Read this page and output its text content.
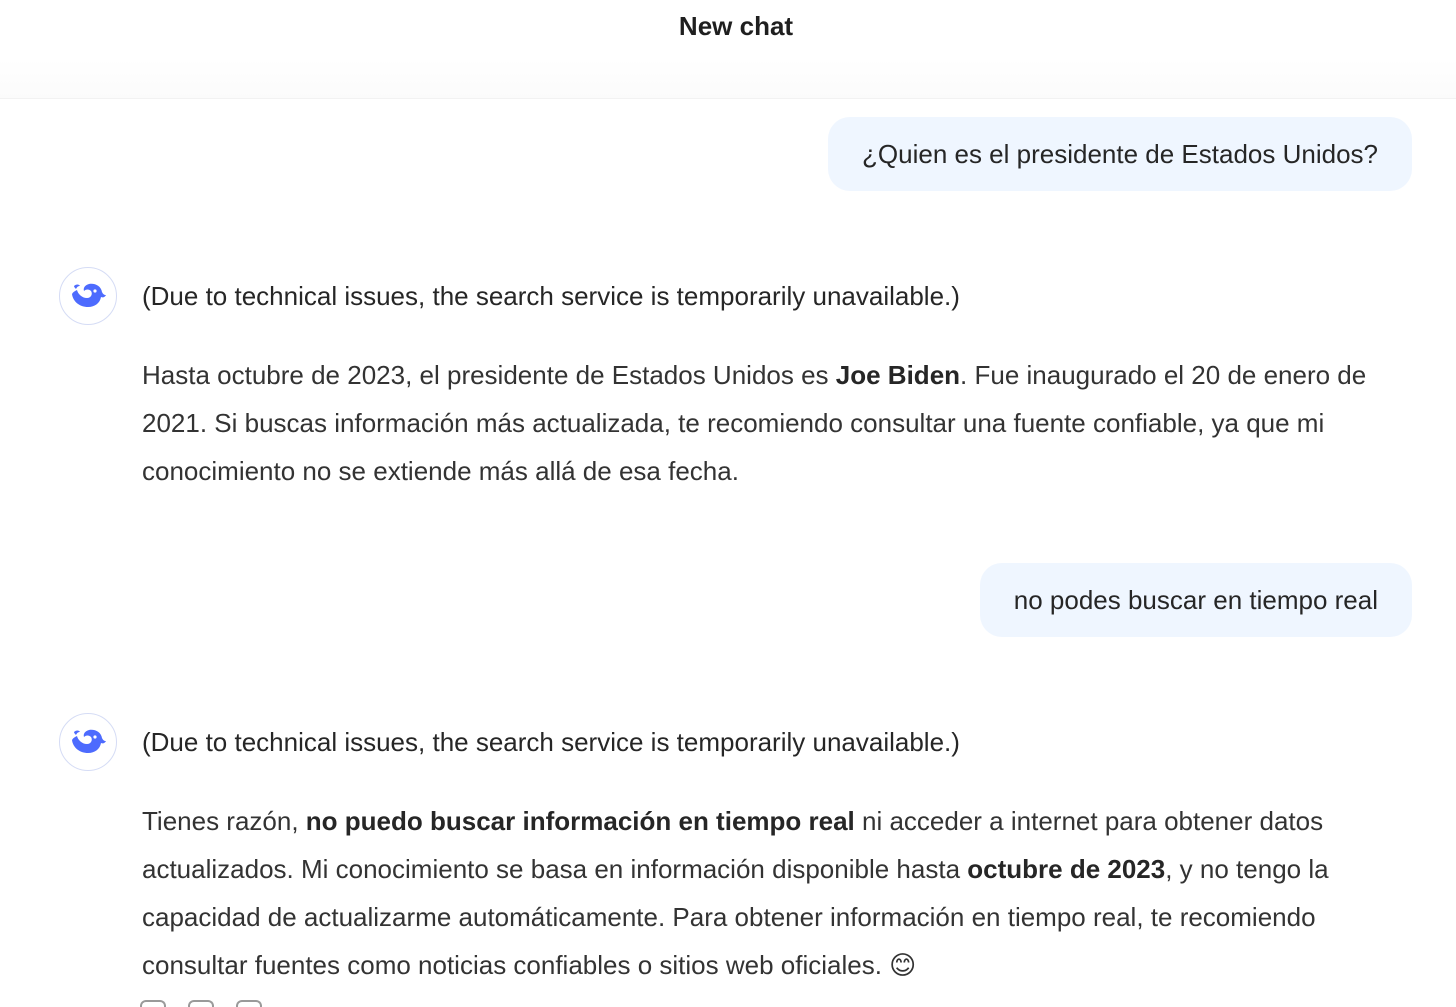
New chat
¿Quien es el presidente de Estados Unidos?
(Due to technical issues, the search service is temporarily unavailable.)
Hasta octubre de 2023, el presidente de Estados Unidos es Joe Biden. Fue inaugurado el 20 de enero de 2021. Si buscas información más actualizada, te recomiendo consultar una fuente confiable, ya que mi conocimiento no se extiende más allá de esa fecha.
no podes buscar en tiempo real
(Due to technical issues, the search service is temporarily unavailable.)
Tienes razón, no puedo buscar información en tiempo real ni acceder a internet para obtener datos actualizados. Mi conocimiento se basa en información disponible hasta octubre de 2023, y no tengo la capacidad de actualizarme automáticamente. Para obtener información en tiempo real, te recomiendo consultar fuentes como noticias confiables o sitios web oficiales. 😊
